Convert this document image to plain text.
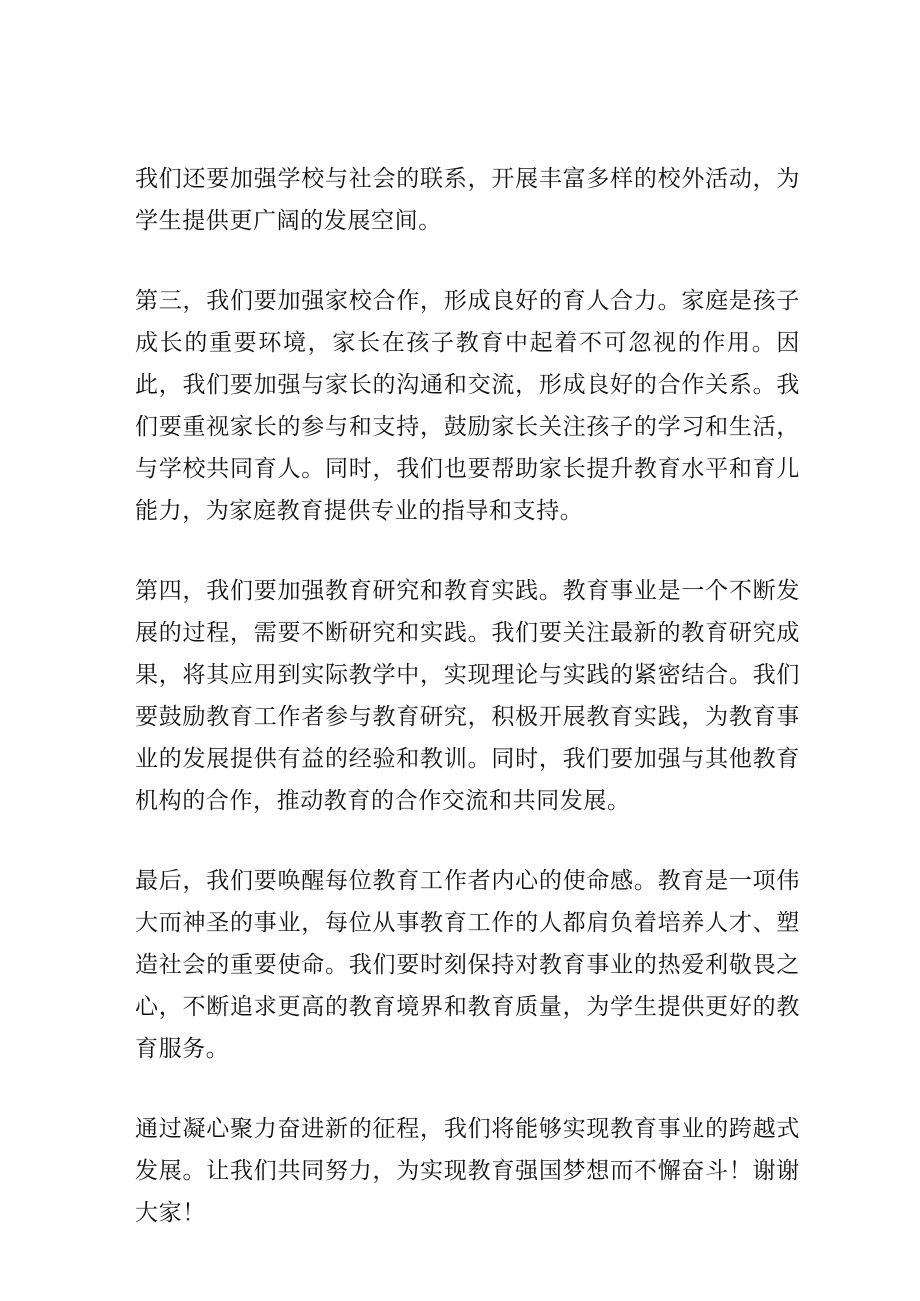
我们还要加强学校与社会的联系，开展丰富多样的校外活动，为学生提供更广阔的发展空间。

第三，我们要加强家校合作，形成良好的育人合力。家庭是孩子成长的重要环境，家长在孩子教育中起着不可忽视的作用。因此，我们要加强与家长的沟通和交流，形成良好的合作关系。我们要重视家长的参与和支持，鼓励家长关注孩子的学习和生活，与学校共同育人。同时，我们也要帮助家长提升教育水平和育儿能力，为家庭教育提供专业的指导和支持。

第四，我们要加强教育研究和教育实践。教育事业是一个不断发展的过程，需要不断研究和实践。我们要关注最新的教育研究成果，将其应用到实际教学中，实现理论与实践的紧密结合。我们要鼓励教育工作者参与教育研究，积极开展教育实践，为教育事业的发展提供有益的经验和教训。同时，我们要加强与其他教育机构的合作，推动教育的合作交流和共同发展。

最后，我们要唤醒每位教育工作者内心的使命感。教育是一项伟大而神圣的事业，每位从事教育工作的人都肩负着培养人才、塑造社会的重要使命。我们要时刻保持对教育事业的热爱利敬畏之心，不断追求更高的教育境界和教育质量，为学生提供更好的教育服务。

通过凝心聚力奋进新的征程，我们将能够实现教育事业的跨越式发展。让我们共同努力，为实现教育强国梦想而不懈奋斗！谢谢大家！
